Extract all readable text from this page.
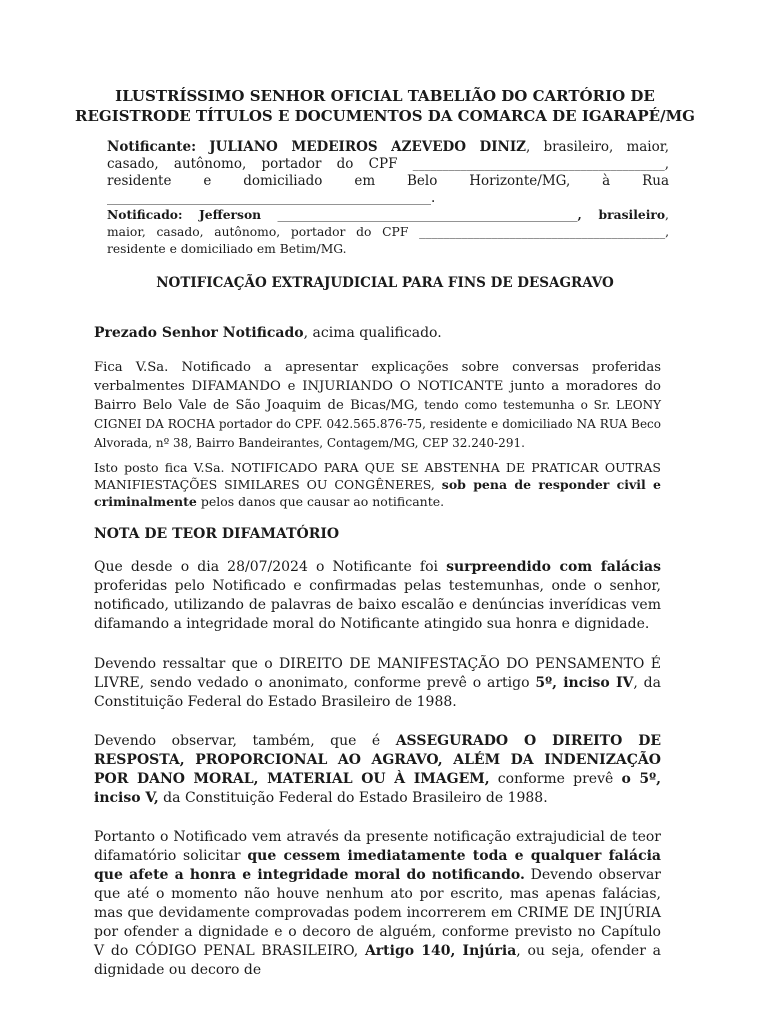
ILUSTRÍSSIMO SENHOR OFICIAL TABELIÃO DO CARTÓRIO DE
REGISTRODE TÍTULOS E DOCUMENTOS DA COMARCA DE IGARAPÉ/MG
Notificante: JULIANO MEDEIROS AZEVEDO DINIZ, brasileiro, maior, casado, autônomo, portador do CPF __________________________________________, residente e domiciliado em Belo Horizonte/MG, à Rua ______________________________________________________.
Notificado: Jefferson __________________________________________________, brasileiro, maior, casado, autônomo, portador do CPF _________________________________________, residente e domiciliado em Betim/MG.
NOTIFICAÇÃO EXTRAJUDICIAL PARA FINS DE DESAGRAVO
Prezado Senhor Notificado, acima qualificado.
Fica V.Sa. Notificado a apresentar explicações sobre conversas proferidas verbalmentes DIFAMANDO e INJURIANDO O NOTICANTE junto a moradores do Bairro Belo Vale de São Joaquim de Bicas/MG, tendo como testemunha o Sr. LEONY CIGNEI DA ROCHA portador do CPF. 042.565.876-75, residente e domiciliado NA RUA Beco Alvorada, nº 38, Bairro Bandeirantes, Contagem/MG, CEP 32.240-291.
Isto posto fica V.Sa. NOTIFICADO PARA QUE SE ABSTENHA DE PRATICAR OUTRAS MANIFIESTAÇÕES SIMILARES OU CONGÊNERES, sob pena de responder civil e criminalmente pelos danos que causar ao notificante.
NOTA DE TEOR DIFAMATÓRIO
Que desde o dia 28/07/2024 o Notificante foi surpreendido com falácias proferidas pelo Notificado e confirmadas pelas testemunhas, onde o senhor, notificado, utilizando de palavras de baixo escalão e denúncias inverídicas vem difamando a integridade moral do Notificante atingido sua honra e dignidade.
Devendo ressaltar que o DIREITO DE MANIFESTAÇÃO DO PENSAMENTO É LIVRE, sendo vedado o anonimato, conforme prevê o artigo 5º, inciso IV, da Constituição Federal do Estado Brasileiro de 1988.
Devendo observar, também, que é ASSEGURADO O DIREITO DE RESPOSTA, PROPORCIONAL AO AGRAVO, ALÉM DA INDENIZAÇÃO POR DANO MORAL, MATERIAL OU À IMAGEM, conforme prevê o 5º, inciso V, da Constituição Federal do Estado Brasileiro de 1988.
Portanto o Notificado vem através da presente notificação extrajudicial de teor difamatório solicitar que cessem imediatamente toda e qualquer falácia que afete a honra e integridade moral do notificando. Devendo observar que até o momento não houve nenhum ato por escrito, mas apenas falácias, mas que devidamente comprovadas podem incorrerem em CRIME DE INJÚRIA por ofender a dignidade e o decoro de alguém, conforme previsto no Capítulo V do CÓDIGO PENAL BRASILEIRO, Artigo 140, Injúria, ou seja, ofender a dignidade ou decoro de
